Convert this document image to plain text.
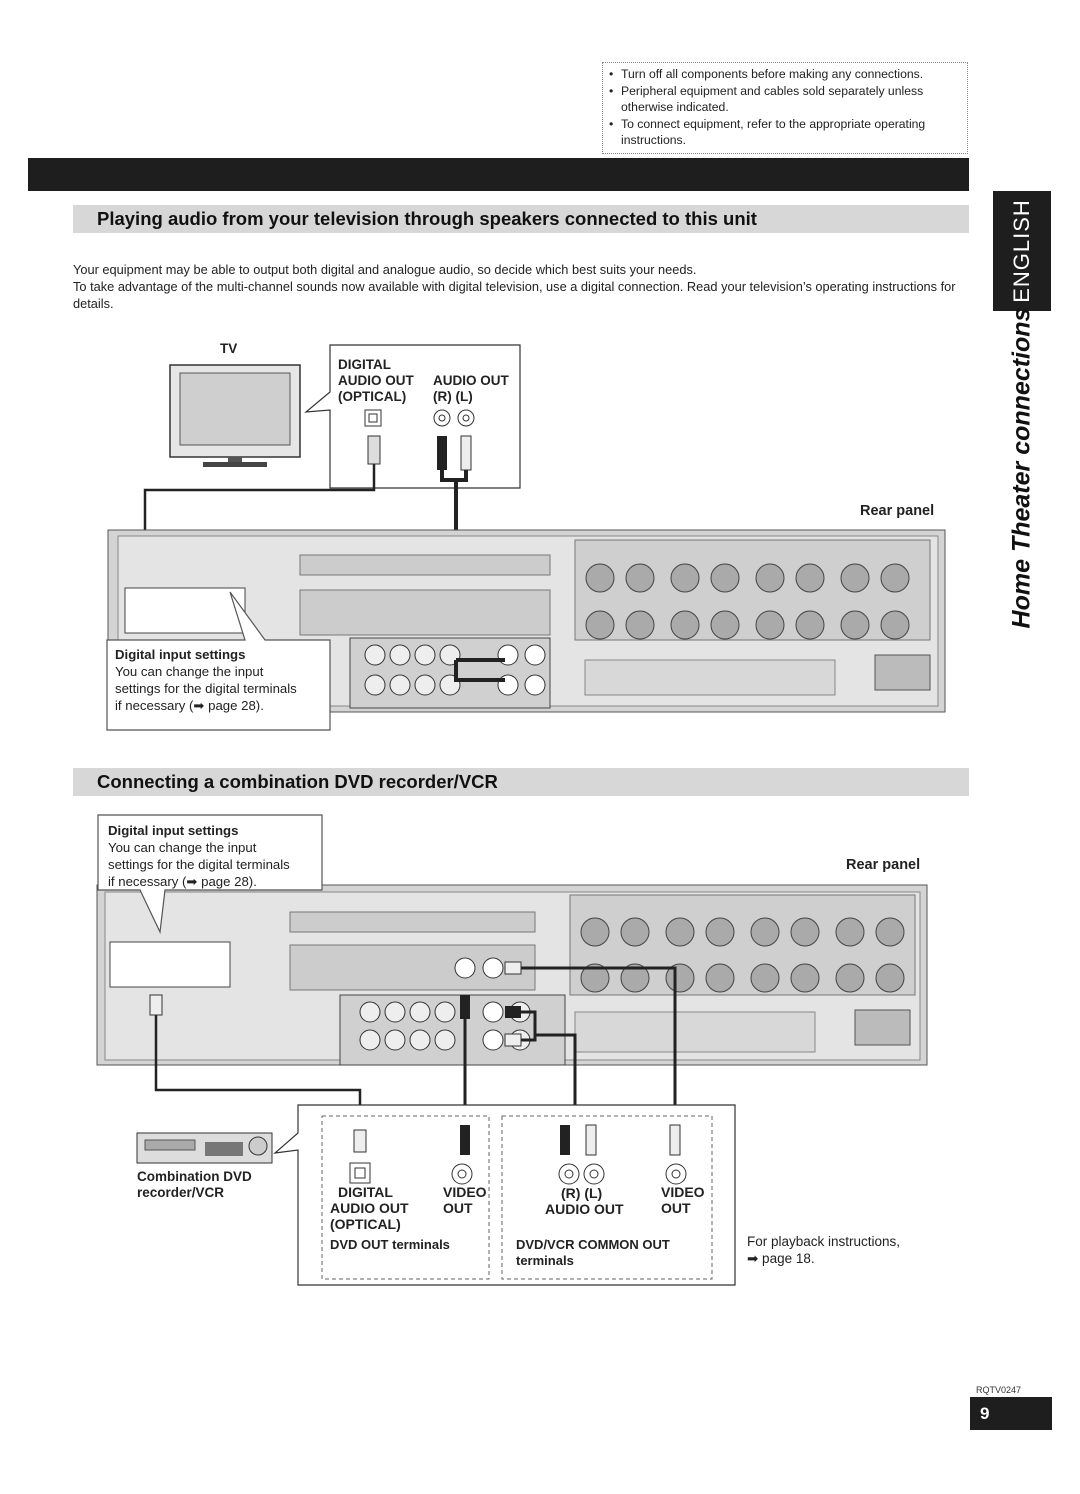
• Turn off all components before making any connections.
• Peripheral equipment and cables sold separately unless otherwise indicated.
• To connect equipment, refer to the appropriate operating instructions.
ENGLISH
Home Theater connections
Playing audio from your television through speakers connected to this unit
Your equipment may be able to output both digital and analogue audio, so decide which best suits your needs.
To take advantage of the multi-channel sounds now available with digital television, use a digital connection. Read your television’s operating instructions for details.
TV
DIGITAL
AUDIO OUT
(OPTICAL)
AUDIO OUT
(R) (L)
Rear panel
Digital input settings
You can change the input
settings for the digital terminals
if necessary (➡ page 28).
Connecting a combination DVD recorder/VCR
Digital input settings
You can change the input
settings for the digital terminals
if necessary (➡ page 28).
Rear panel
Combination DVD
recorder/VCR	DIGITAL
AUDIO OUT
(OPTICAL)
VIDEO
OUT
(R) (L)
AUDIO OUT
VIDEO
OUT
DVD OUT terminals	DVD/VCR COMMON OUT
terminals
For playback instructions,
➡ page 18.
RQTV0247
9
